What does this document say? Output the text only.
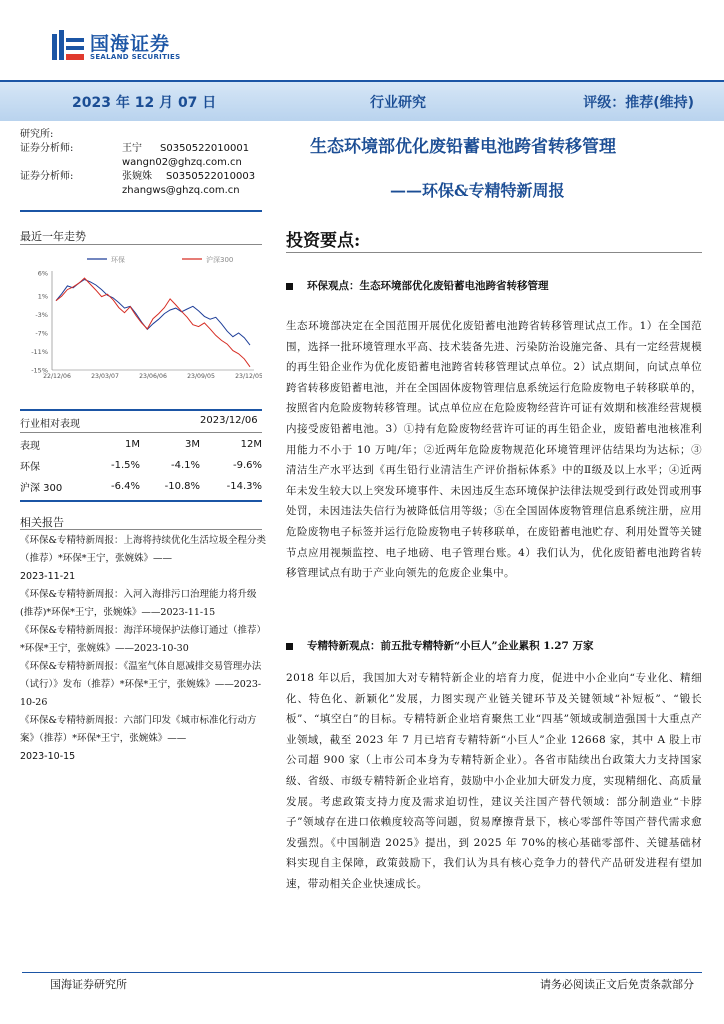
国海证券
SEALAND SECURITIES
2023 年 12 月 07 日	行业研究	评级：推荐(维持)
研究所:
证券分析师:	王宁 S0350522010001
wangn02@ghzq.com.cn
证券分析师:	张婉姝 S0350522010003
zhangws@ghzq.com.cn
生态环境部优化废铅蓄电池跨省转移管理
——环保&专精特新周报
最近一年走势
环保	沪深300
6%
1%
-3%
-7%
-11%
-15%
22/12/06	23/03/07	23/06/06	23/09/05	23/12/05
行业相对表现	2023/12/06
表现	1M	3M	12M
环保	-1.5%	-4.1%	-9.6%
沪深 300	-6.4%	-10.8%	-14.3%
相关报告

《环保&专精特新周报：上海将持续优化生活垃圾全程分类（推荐）*环保*王宁，张婉姝》——
2023-11-21

《环保&专精特新周报：入河入海排污口治理能力将升级(推荐)*环保*王宁，张婉姝》——2023-11-15

《环保&专精特新周报：海洋环境保护法修订通过（推荐）*环保*王宁，张婉姝》——2023-10-30

《环保&专精特新周报：《温室气体自愿减排交易管理办法（试行）》发布（推荐）*环保*王宁，张婉姝》——2023-10-26

《环保&专精特新周报：六部门印发《城市标准化行动方案》（推荐）*环保*王宁，张婉姝》——
2023-10-15

投资要点:
环保观点：生态环境部优化废铅蓄电池跨省转移管理
生态环境部决定在全国范围开展优化废铅蓄电池跨省转移管理试点工作。1）在全国范围，选择一批环境管理水平高、技术装备先进、污染防治设施完备、具有一定经营规模的再生铅企业作为优化废铅蓄电池跨省转移管理试点单位。2）试点期间，向试点单位跨省转移废铅蓄电池，并在全国固体废物管理信息系统运行危险废物电子转移联单的，按照省内危险废物转移管理。试点单位应在危险废物经营许可证有效期和核准经营规模内接受废铅蓄电池。3）①持有危险废物经营许可证的再生铅企业，废铅蓄电池核准利用能力不小于 10 万吨/年；②近两年危险废物规范化环境管理评估结果均为达标；③清洁生产水平达到《再生铅行业清洁生产评价指标体系》中的Ⅱ级及以上水平；④近两年未发生较大以上突发环境事件、未因违反生态环境保护法律法规受到行政处罚或刑事处罚，未因违法失信行为被降低信用等级；⑤在全国固体废物管理信息系统注册，应用危险废物电子标签并运行危险废物电子转移联单，在废铅蓄电池贮存、利用处置等关键节点应用视频监控、电子地磅、电子管理台账。4）我们认为，优化废铅蓄电池跨省转移管理试点有助于产业向领先的危废企业集中。
专精特新观点：前五批专精特新“小巨人”企业累积 1.27 万家
2018 年以后，我国加大对专精特新企业的培育力度，促进中小企业向“专业化、精细化、特色化、新颖化”发展，力图实现产业链关键环节及关键领域“补短板”、“锻长板”、“填空白”的目标。专精特新企业培育聚焦工业“四基”领域或制造强国十大重点产业领域，截至 2023 年 7 月已培育专精特新“小巨人”企业 12668 家，其中 A 股上市公司超 900 家（上市公司本身为专精特新企业）。各省市陆续出台政策大力支持国家级、省级、市级专精特新企业培育，鼓励中小企业加大研发力度，实现精细化、高质量发展。考虑政策支持力度及需求迫切性，建议关注国产替代领域：部分制造业“卡脖子”领域存在进口依赖度较高等问题，贸易摩擦背景下，核心零部件等国产替代需求愈发强烈。《中国制造 2025》提出，到 2025 年 70%的核心基础零部件、关键基础材料实现自主保障，政策鼓励下，我们认为具有核心竞争力的替代产品研发进程有望加速，带动相关企业快速成长。
国海证券研究所	请务必阅读正文后免责条款部分
